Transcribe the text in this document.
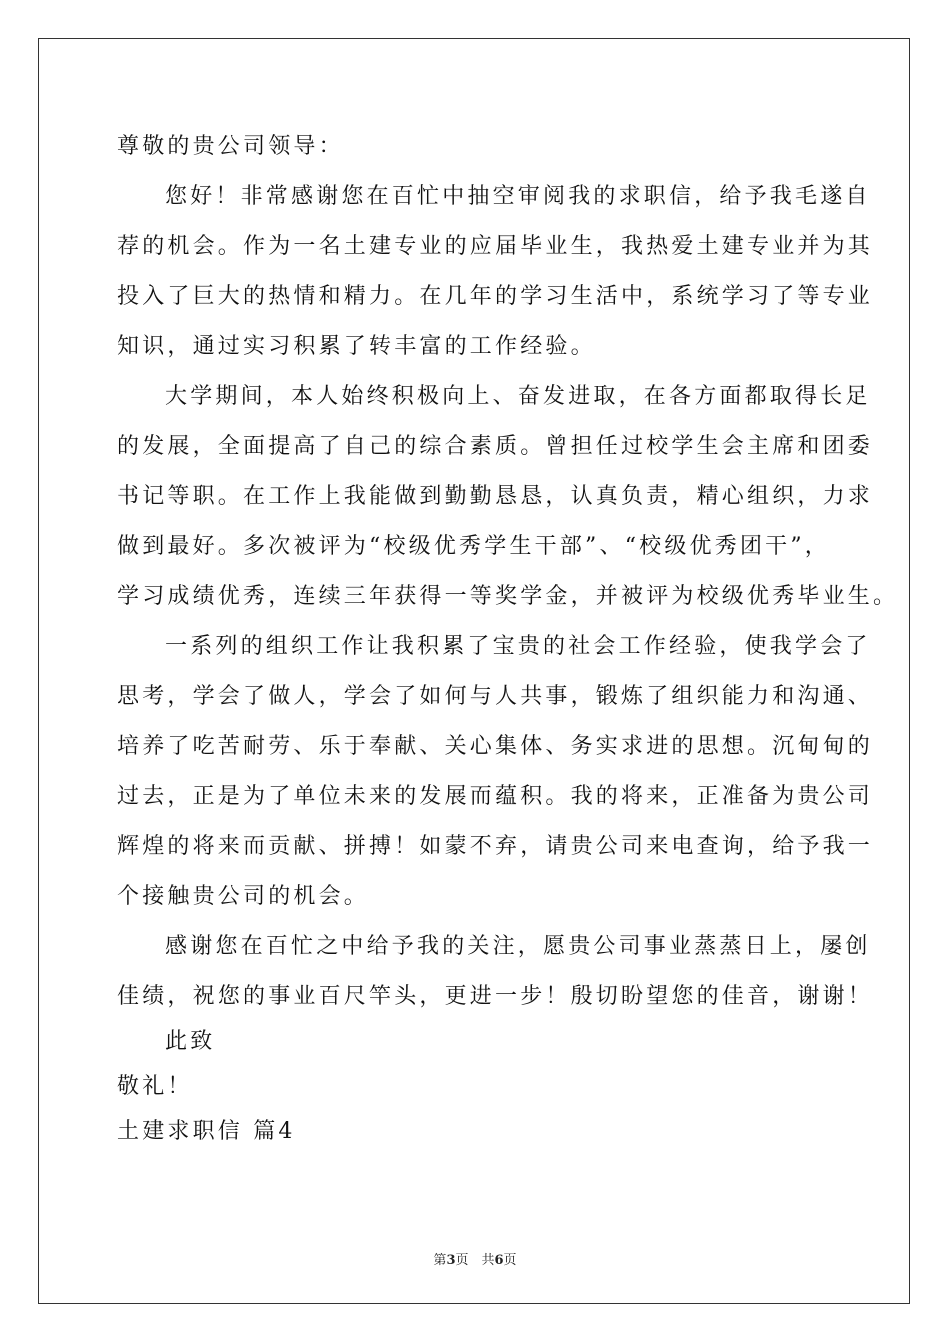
尊敬的贵公司领导：
您好！非常感谢您在百忙中抽空审阅我的求职信，给予我毛遂自
荐的机会。作为一名土建专业的应届毕业生，我热爱土建专业并为其
投入了巨大的热情和精力。在几年的学习生活中，系统学习了等专业
知识，通过实习积累了转丰富的工作经验。
大学期间，本人始终积极向上、奋发进取，在各方面都取得长足
的发展，全面提高了自己的综合素质。曾担任过校学生会主席和团委
书记等职。在工作上我能做到勤勤恳恳，认真负责，精心组织，力求
做到最好。多次被评为“校级优秀学生干部”、“校级优秀团干”，
学习成绩优秀，连续三年获得一等奖学金，并被评为校级优秀毕业生。
一系列的组织工作让我积累了宝贵的社会工作经验，使我学会了
思考，学会了做人，学会了如何与人共事，锻炼了组织能力和沟通、
培养了吃苦耐劳、乐于奉献、关心集体、务实求进的思想。沉甸甸的
过去，正是为了单位未来的发展而蕴积。我的将来，正准备为贵公司
辉煌的将来而贡献、拼搏！如蒙不弃，请贵公司来电查询，给予我一
个接触贵公司的机会。
感谢您在百忙之中给予我的关注，愿贵公司事业蒸蒸日上，屡创
佳绩，祝您的事业百尺竿头，更进一步！殷切盼望您的佳音，谢谢！
此致
敬礼！
土建求职信 篇4
第3页　共6页
